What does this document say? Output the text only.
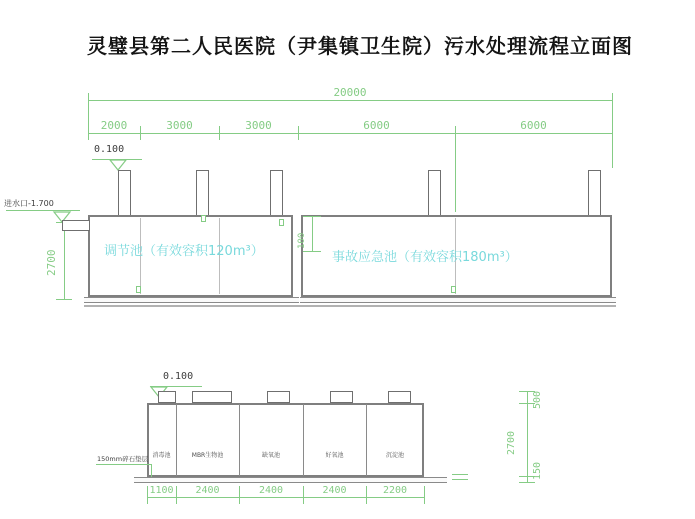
灵璧县第二人民医院（尹集镇卫生院）污水处理流程立面图
20000
2000	3000	3000	6000	6000
0.100
进水口-1.700
2700
100
调节池（有效容积120m³）	事故应急池（有效容积180m³）
0.100
消毒池	MBR生物池	缺氧池	好氧池	沉淀池
150mm碎石垫层
1100	2400	2400	2400	2200
500
2700
150
